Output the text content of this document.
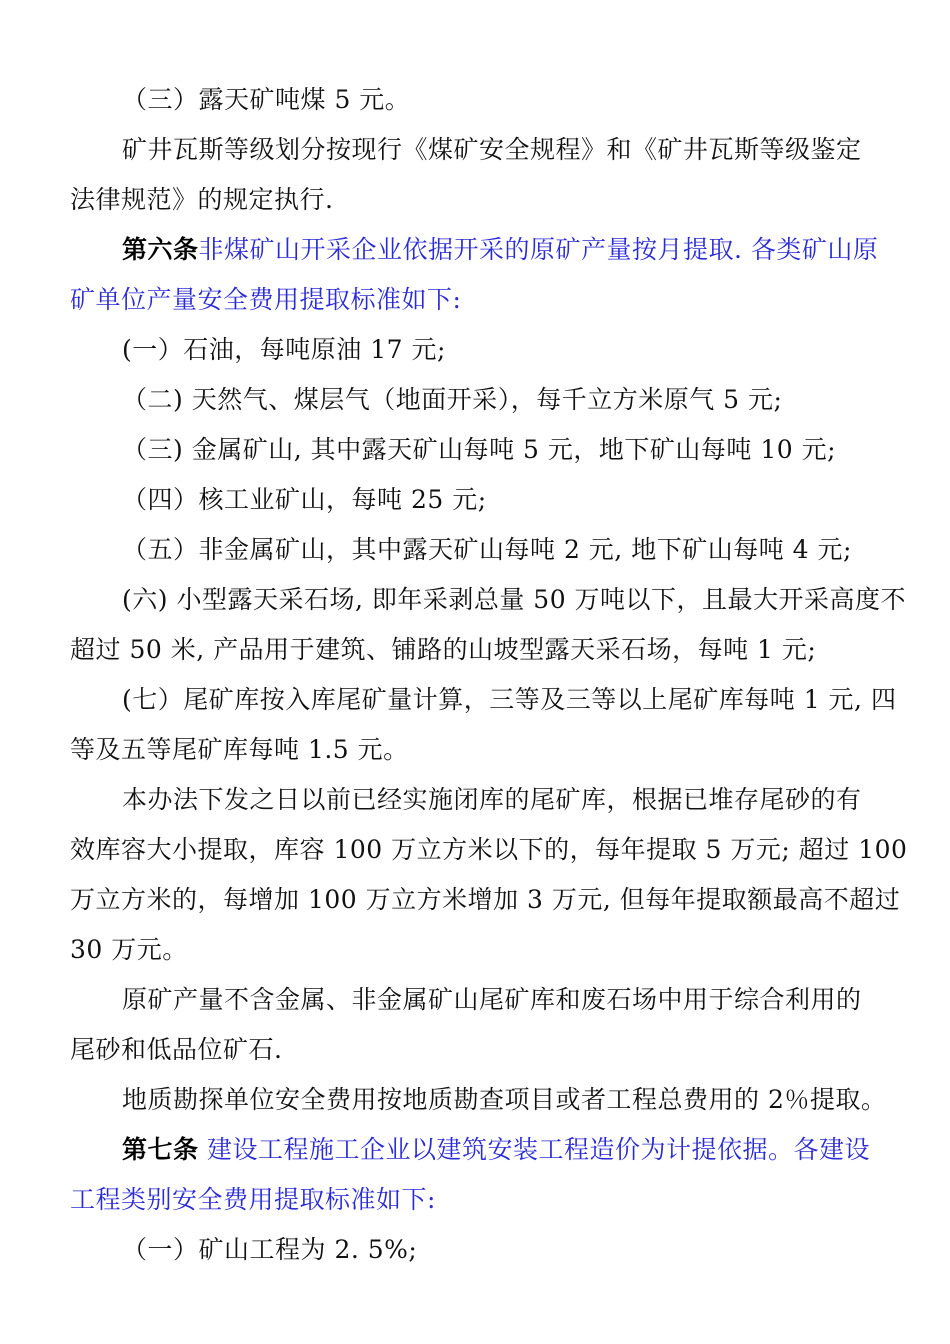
（三）露天矿吨煤 5 元。
矿井瓦斯等级划分按现行《煤矿安全规程》和《矿井瓦斯等级鉴定
法律规范》的规定执行.
第六条非煤矿山开采企业依据开采的原矿产量按月提取. 各类矿山原
矿单位产量安全费用提取标准如下:
(一）石油，每吨原油 17 元;
（二) 天然气、煤层气（地面开采），每千立方米原气 5 元;
（三) 金属矿山, 其中露天矿山每吨 5 元，地下矿山每吨 10 元;
（四）核工业矿山，每吨 25 元;
（五）非金属矿山，其中露天矿山每吨 2 元, 地下矿山每吨 4 元;
(六) 小型露天采石场, 即年采剥总量 50 万吨以下，且最大开采高度不
超过 50 米, 产品用于建筑、铺路的山坡型露天采石场，每吨 1 元;
(七）尾矿库按入库尾矿量计算，三等及三等以上尾矿库每吨 1 元, 四
等及五等尾矿库每吨 1.5 元。
本办法下发之日以前已经实施闭库的尾矿库，根据已堆存尾砂的有
效库容大小提取，库容 100 万立方米以下的，每年提取 5 万元; 超过 100
万立方米的，每增加 100 万立方米增加 3 万元, 但每年提取额最高不超过
30 万元。
原矿产量不含金属、非金属矿山尾矿库和废石场中用于综合利用的
尾砂和低品位矿石.
地质勘探单位安全费用按地质勘查项目或者工程总费用的 2％提取。
第七条 建设工程施工企业以建筑安装工程造价为计提依据。各建设
工程类别安全费用提取标准如下:
（一）矿山工程为 2. 5%;
